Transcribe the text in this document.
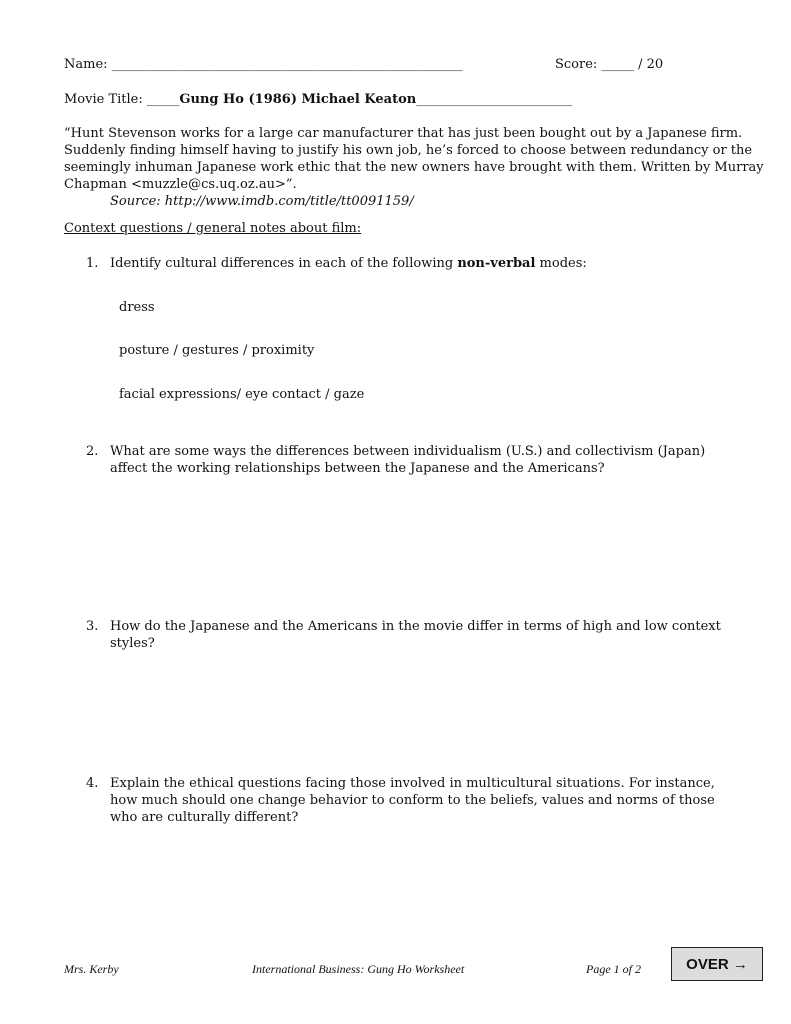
Name: ______________________________________________________	Score: _____ / 20
Movie Title: _____Gung Ho (1986) Michael Keaton________________________
“Hunt Stevenson works for a large car manufacturer that has just been bought out by a Japanese firm.
Suddenly finding himself having to justify his own job, he’s forced to choose between redundancy or the
seemingly inhuman Japanese work ethic that the new owners have brought with them. Written by Murray
Chapman <muzzle@cs.uq.oz.au>”.
Source: http://www.imdb.com/title/tt0091159/
Context questions / general notes about film:
1. Identify cultural differences in each of the following non-verbal modes:
dress
posture / gestures / proximity
facial expressions/ eye contact / gaze
2. What are some ways the differences between individualism (U.S.) and collectivism (Japan)
affect the working relationships between the Japanese and the Americans?
3. How do the Japanese and the Americans in the movie differ in terms of high and low context
styles?
4. Explain the ethical questions facing those involved in multicultural situations. For instance,
how much should one change behavior to conform to the beliefs, values and norms of those
who are culturally different?
Mrs. Kerby	International Business: Gung Ho Worksheet	Page 1 of 2	OVER →
